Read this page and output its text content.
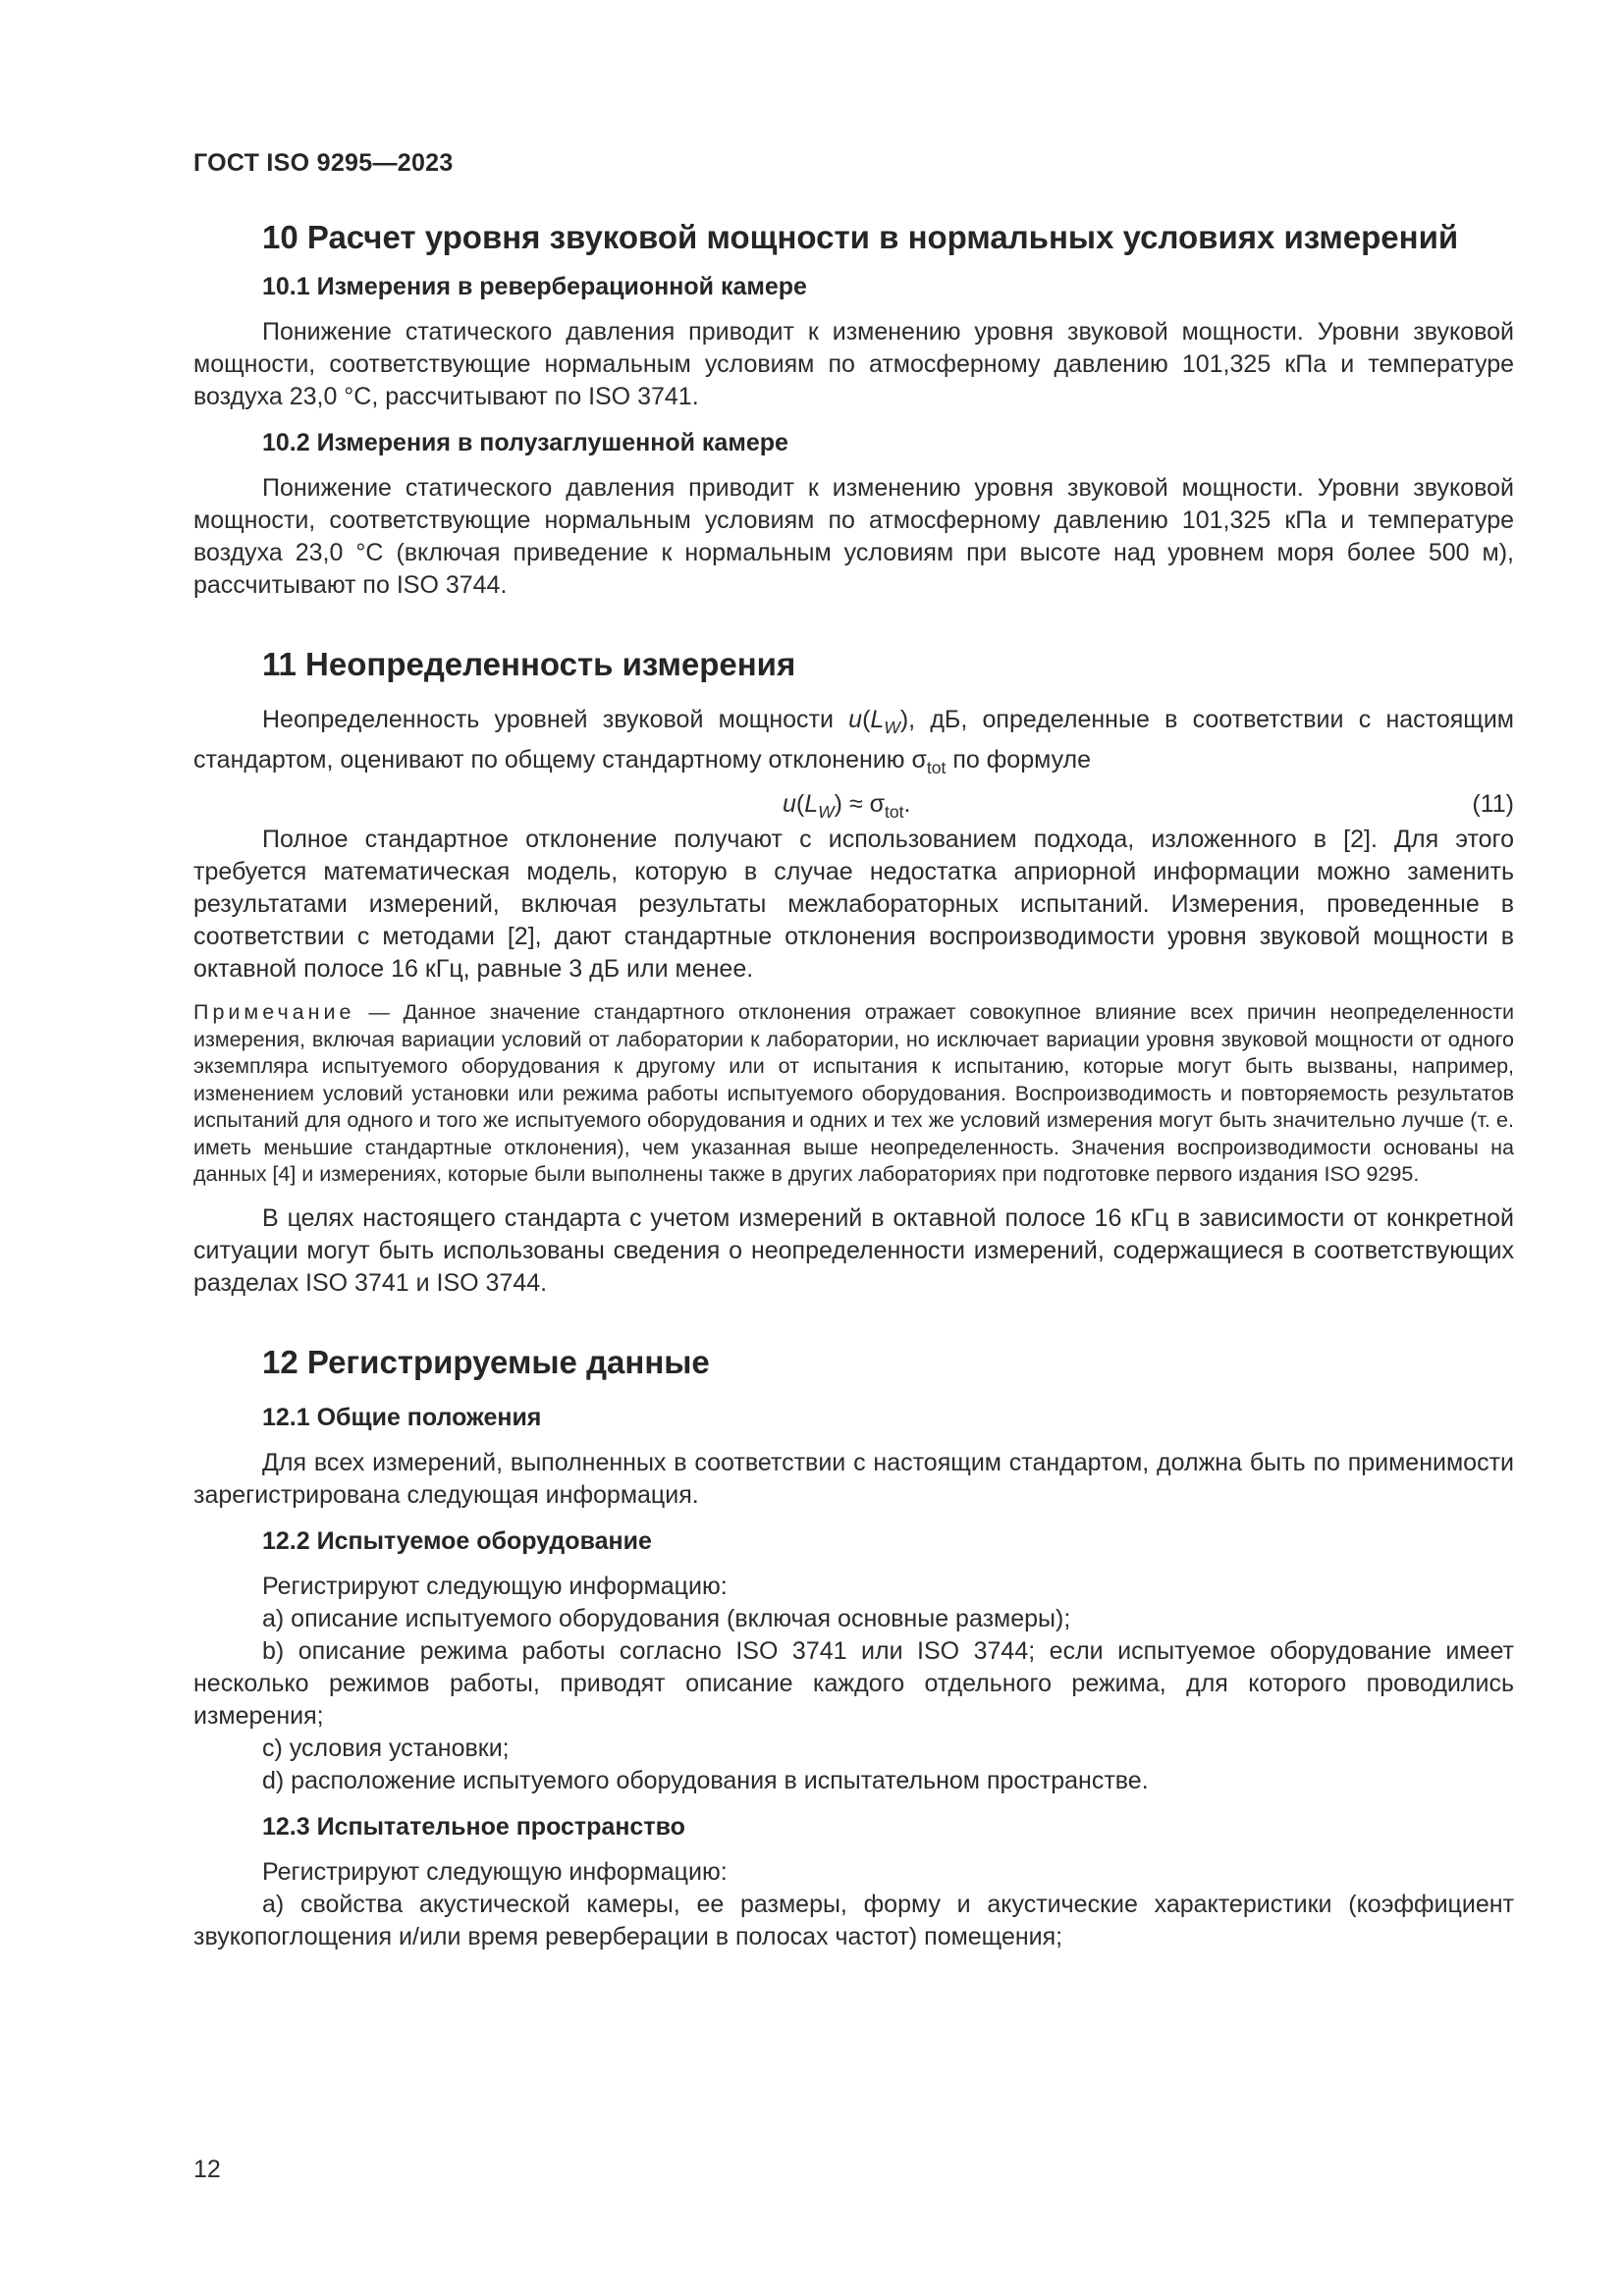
ГОСТ ISO 9295—2023
10 Расчет уровня звуковой мощности в нормальных условиях измерений
10.1 Измерения в реверберационной камере

Понижение статического давления приводит к изменению уровня звуковой мощности. Уровни звуковой мощности, соответствующие нормальным условиям по атмосферному давлению 101,325 кПа и температуре воздуха 23,0 °С, рассчитывают по ISO 3741.

10.2 Измерения в полузаглушенной камере

Понижение статического давления приводит к изменению уровня звуковой мощности. Уровни звуковой мощности, соответствующие нормальным условиям по атмосферному давлению 101,325 кПа и температуре воздуха 23,0 °С (включая приведение к нормальным условиям при высоте над уровнем моря более 500 м), рассчитывают по ISO 3744.

11 Неопределенность измерения

Неопределенность уровней звуковой мощности $u(L_W)$, дБ, определенные в соответствии с настоящим стандартом, оценивают по общему стандартному отклонению $\sigma_{tot}$ по формуле

$u(L_W) \approx \sigma_{tot}$.	(11)

Полное стандартное отклонение получают с использованием подхода, изложенного в [2]. Для этого требуется математическая модель, которую в случае недостатка априорной информации можно заменить результатами измерений, включая результаты межлабораторных испытаний. Измерения, проведенные в соответствии с методами [2], дают стандартные отклонения воспроизводимости уровня звуковой мощности в октавной полосе 16 кГц, равные 3 дБ или менее.

Примечание — Данное значение стандартного отклонения отражает совокупное влияние всех причин неопределенности измерения, включая вариации условий от лаборатории к лаборатории, но исключает вариации уровня звуковой мощности от одного экземпляра испытуемого оборудования к другому или от испытания к испытанию, которые могут быть вызваны, например, изменением условий установки или режима работы испытуемого оборудования. Воспроизводимость и повторяемость результатов испытаний для одного и того же испытуемого оборудования и одних и тех же условий измерения могут быть значительно лучше (т. е. иметь меньшие стандартные отклонения), чем указанная выше неопределенность. Значения воспроизводимости основаны на данных [4] и измерениях, которые были выполнены также в других лабораториях при подготовке первого издания ISO 9295.

В целях настоящего стандарта с учетом измерений в октавной полосе 16 кГц в зависимости от конкретной ситуации могут быть использованы сведения о неопределенности измерений, содержащиеся в соответствующих разделах ISO 3741 и ISO 3744.

12 Регистрируемые данные
12.1 Общие положения

Для всех измерений, выполненных в соответствии с настоящим стандартом, должна быть по применимости зарегистрирована следующая информация.

12.2 Испытуемое оборудование

Регистрируют следующую информацию:

а) описание испытуемого оборудования (включая основные размеры);

b) описание режима работы согласно ISO 3741 или ISO 3744; если испытуемое оборудование имеет несколько режимов работы, приводят описание каждого отдельного режима, для которого проводились измерения;

с) условия установки;

d) расположение испытуемого оборудования в испытательном пространстве.

12.3 Испытательное пространство

Регистрируют следующую информацию:

а) свойства акустической камеры, ее размеры, форму и акустические характеристики (коэффициент звукопоглощения и/или время реверберации в полосах частот) помещения;

12
